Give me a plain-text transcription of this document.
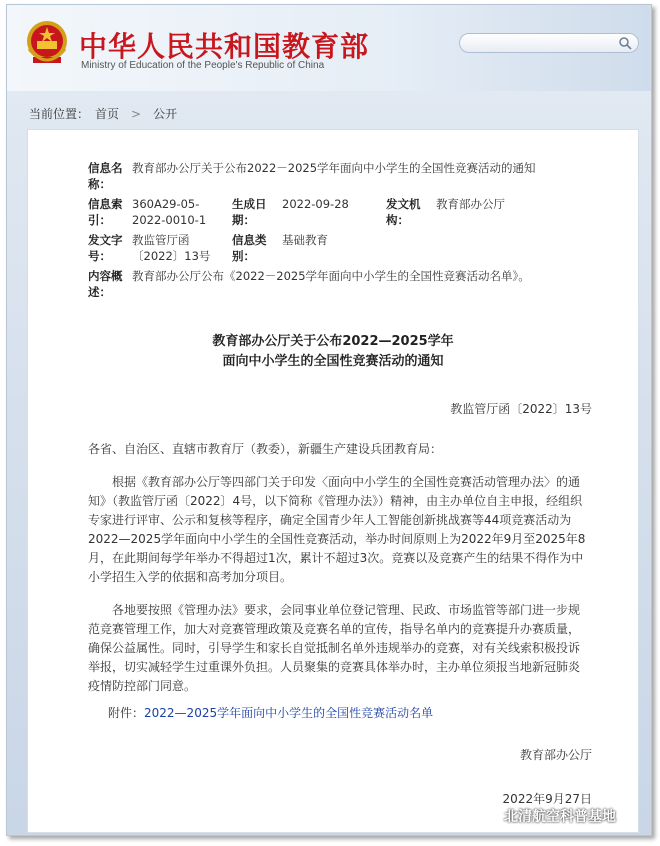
中华人民共和国教育部
Ministry of Education of the People's Republic of China
当前位置： 首页 > 公开
信息名称：
教育部办公厅关于公布2022－2025学年面向中小学生的全国性竞赛活动的通知
信息索引：
360A29-05-2022-0010-1
生成日期：
2022-09-28	发文机构：
教育部办公厅
发文字号：
教监管厅函〔2022〕13号
信息类别：
基础教育
内容概述：
教育部办公厅公布《2022－2025学年面向中小学生的全国性竞赛活动名单》。
教育部办公厅关于公布2022—2025学年
面向中小学生的全国性竞赛活动的通知
教监管厅函〔2022〕13号

各省、自治区、直辖市教育厅（教委），新疆生产建设兵团教育局：

根据《教育部办公厅等四部门关于印发〈面向中小学生的全国性竞赛活动管理办法〉的通知》（教监管厅函〔2022〕4号，以下简称《管理办法》）精神，由主办单位自主申报，经组织专家进行评审、公示和复核等程序，确定全国青少年人工智能创新挑战赛等44项竞赛活动为2022—2025学年面向中小学生的全国性竞赛活动，举办时间原则上为2022年9月至2025年8月，在此期间每学年举办不得超过1次，累计不超过3次。竞赛以及竞赛产生的结果不得作为中小学招生入学的依据和高考加分项目。

各地要按照《管理办法》要求，会同事业单位登记管理、民政、市场监管等部门进一步规范竞赛管理工作，加大对竞赛管理政策及竞赛名单的宣传，指导名单内的竞赛提升办赛质量，确保公益属性。同时，引导学生和家长自觉抵制名单外违规举办的竞赛，对有关线索积极投诉举报，切实减轻学生过重课外负担。人员聚集的竞赛具体举办时，主办单位须报当地新冠肺炎疫情防控部门同意。

附件：2022—2025学年面向中小学生的全国性竞赛活动名单
教育部办公厅
2022年9月27日
北清航空科普基地
